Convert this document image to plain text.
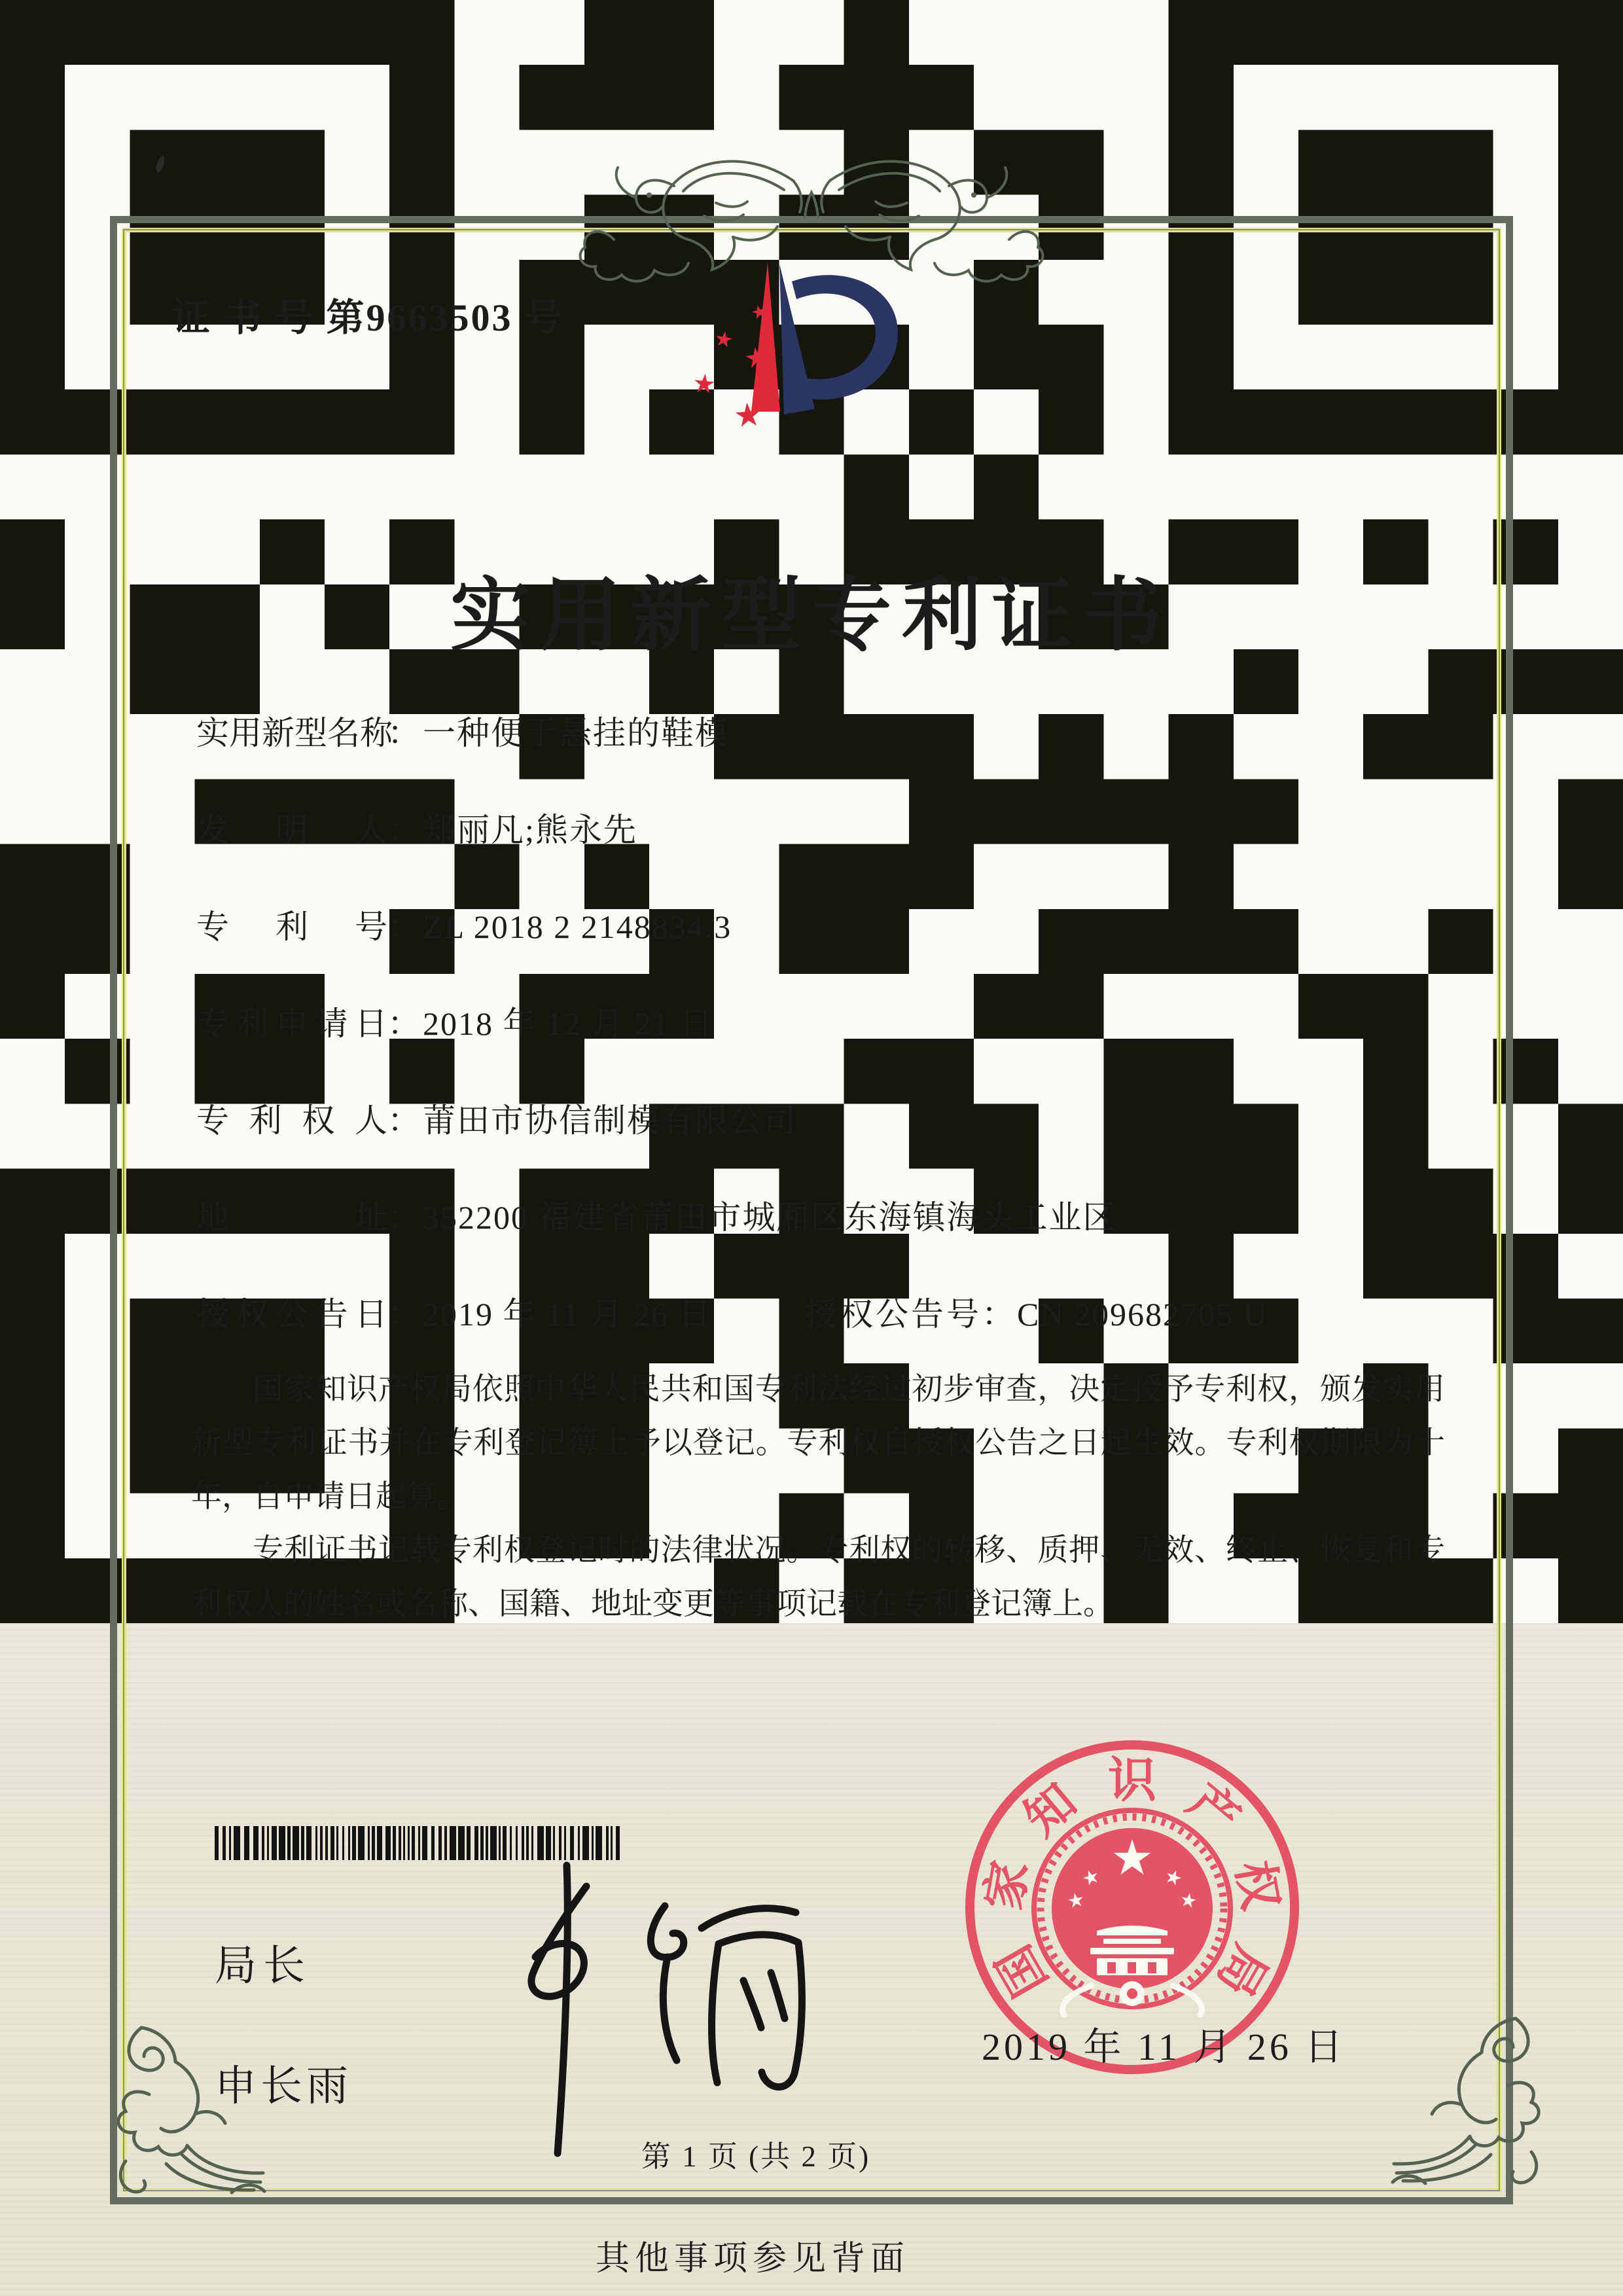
证 书 号 第9663503 号
实用新型专利证书
实用新型名称：一种便于悬挂的鞋模
发明人：郑丽凡;熊永先
专利号：ZL 2018 2 2148834.3
专利申请日：2018 年 12 月 21 日
专利权人：莆田市协信制模有限公司
地址：352200 福建省莆田市城厢区东海镇海头工业区
授权公告日：2019 年 11 月 26 日	授权公告号：CN 209682705 U

国家知识产权局依照中华人民共和国专利法经过初步审查，决定授予专利权，颁发实用新型专利证书并在专利登记簿上予以登记。专利权自授权公告之日起生效。专利权期限为十年，自申请日起算。

专利证书记载专利权登记时的法律状况。专利权的转移、质押、无效、终止、恢复和专利权人的姓名或名称、国籍、地址变更等事项记载在专利登记簿上。

局长
申长雨
国
家
知 识 产
权
局
2019 年 11 月 26 日
第 1 页 (共 2 页)
其他事项参见背面
